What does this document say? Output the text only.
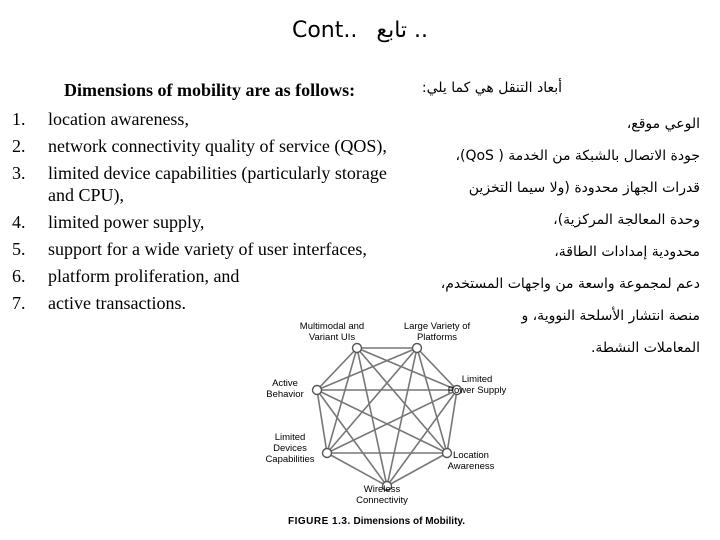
Cont.. .. تابع
Dimensions of mobility are as follows:
1.	location awareness,
2.	network connectivity quality of service (QOS),
3.	limited device capabilities (particularly storage and CPU),
4.	limited power supply,
5.	support for a wide variety of user interfaces,
6.	platform proliferation, and
7.	active transactions.
أبعاد التنقل هي كما يلي:
الوعي موقع،
جودة الاتصال بالشبكة من الخدمة ( QoS)،
قدرات الجهاز محدودة (ولا سيما التخزين
وحدة المعالجة المركزية)،
محدودية إمدادات الطاقة،
دعم لمجموعة واسعة من واجهات المستخدم،
منصة انتشار الأسلحة النووية، و
المعاملات النشطة.
Multimodal and
Variant UIs
Large Variety of
Platforms
Active
Behavior
Limited
Power Supply
Limited
Devices
Capabilities	Location
Awareness
Wireless
Connectivity
FIGURE 1.3. Dimensions of Mobility.
